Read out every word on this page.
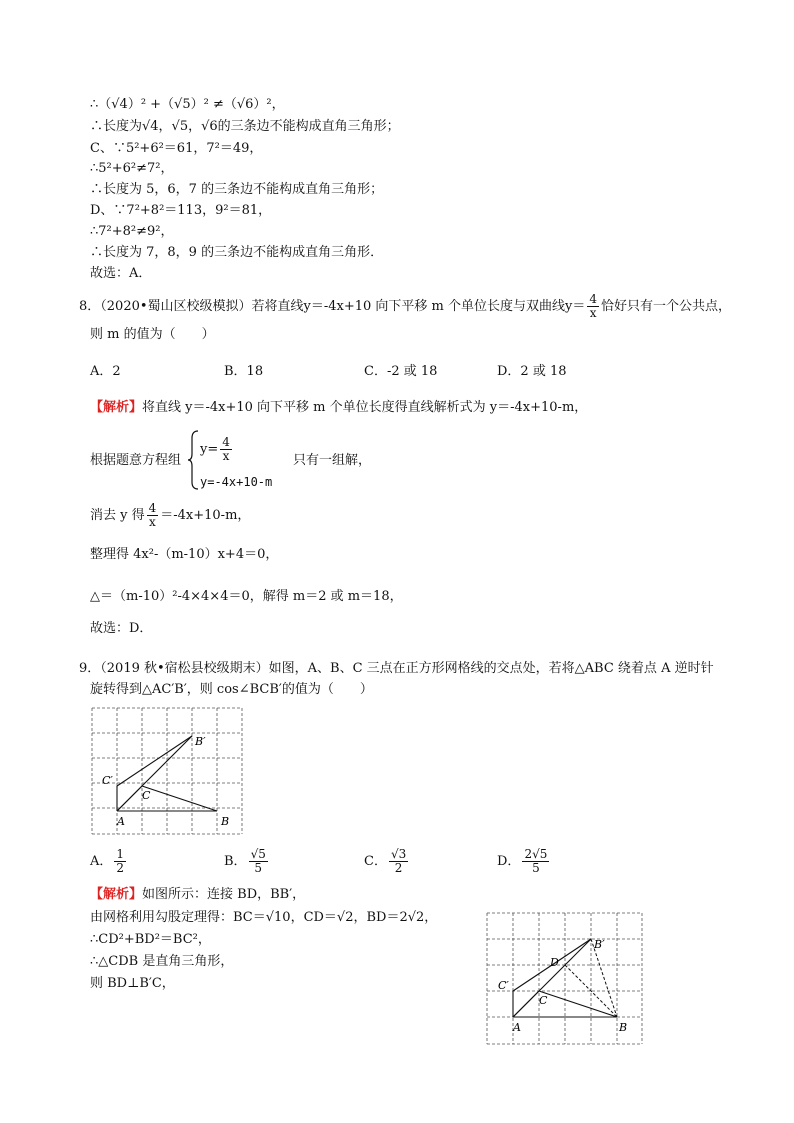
∴（√4）² +（√5）² ≠（√6）²，
∴长度为√4，√5，√6的三条边不能构成直角三角形；
C、∵5²+6²＝61，7²＝49，
∴5²+6²≠7²，
∴长度为 5，6，7 的三条边不能构成直角三角形；
D、∵7²+8²＝113，9²＝81，
∴7²+8²≠9²，
∴长度为 7，8，9 的三条边不能构成直角三角形．
故选：A．
8．（2020•蜀山区校级模拟）若将直线y＝-4x+10 向下平移 m 个单位长度与双曲线$y= \frac{4}{x}$ 恰好只有一个公共点，
则 m 的值为（　　）
A．2	B．18	C．-2 或 18	D．2 或 18
【解析】将直线 y＝-4x+10 向下平移 m 个单位长度得直线解析式为 y＝-4x+10-m，
根据题意方程组
$y= \frac{4}{x}$
y=-4x+10-m
只有一组解，
消去 y 得 $\frac{4}{x} =-4x+10-m$，
整理得 4x²-（m-10）x+4＝0，
△＝（m-10）²-4×4×4＝0，解得 m＝2 或 m＝18，
故选：D．
9．（2019 秋•宿松县校级期末）如图，A、B、C 三点在正方形网格线的交点处，若将△ABC 绕着点 A 逆时针
旋转得到△AC′B′，则 cos∠BCB′的值为（　　）
A	B
C
C′
B′
A． $\frac{1}{2}$	B． $\frac{√5}{5}$	C． $\frac{√3}{2}$	D． $\frac{2√5}{5}$
【解析】如图所示：连接 BD，BB′，
由网格利用勾股定理得：BC＝√10，CD＝√2，BD＝2√2，
∴CD²+BD²＝BC²，
∴△CDB 是直角三角形，
则 BD⊥B′C，
A	B
C
C′
B′
D
